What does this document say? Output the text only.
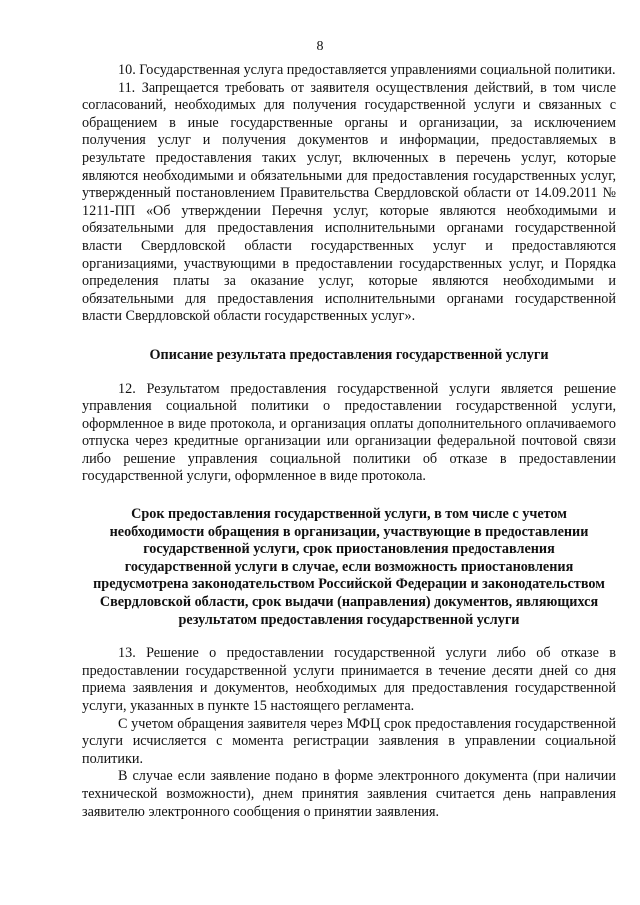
8

10. Государственная услуга предоставляется управлениями социальной политики.

11. Запрещается требовать от заявителя осуществления действий, в том числе согласований, необходимых для получения государственной услуги и связанных с обращением в иные государственные органы и организации, за исключением получения услуг и получения документов и информации, предоставляемых в результате предоставления таких услуг, включенных в перечень услуг, которые являются необходимыми и обязательными для предоставления государственных услуг, утвержденный постановлением Правительства Свердловской области от 14.09.2011 № 1211-ПП «Об утверждении Перечня услуг, которые являются необходимыми и обязательными для предоставления исполнительными органами государственной власти Свердловской области государственных услуг и предоставляются организациями, участвующими в предоставлении государственных услуг, и Порядка определения платы за оказание услуг, которые являются необходимыми и обязательными для предоставления исполнительными органами государственной власти Свердловской области государственных услуг».

Описание результата предоставления государственной услуги

12. Результатом предоставления государственной услуги является решение управления социальной политики о предоставлении государственной услуги, оформленное в виде протокола, и организация оплаты дополнительного оплачиваемого отпуска через кредитные организации или организации федеральной почтовой связи либо решение управления социальной политики об отказе в предоставлении государственной услуги, оформленное в виде протокола.

Срок предоставления государственной услуги, в том числе с учетом необходимости обращения в организации, участвующие в предоставлении государственной услуги, срок приостановления предоставления государственной услуги в случае, если возможность приостановления предусмотрена законодательством Российской Федерации и законодательством Свердловской области, срок выдачи (направления) документов, являющихся результатом предоставления государственной услуги

13. Решение о предоставлении государственной услуги либо об отказе в предоставлении государственной услуги принимается в течение десяти дней со дня приема заявления и документов, необходимых для предоставления государственной услуги, указанных в пункте 15 настоящего регламента.

С учетом обращения заявителя через МФЦ срок предоставления государственной услуги исчисляется с момента регистрации заявления в управлении социальной политики.

В случае если заявление подано в форме электронного документа (при наличии технической возможности), днем принятия заявления считается день направления заявителю электронного сообщения о принятии заявления.
